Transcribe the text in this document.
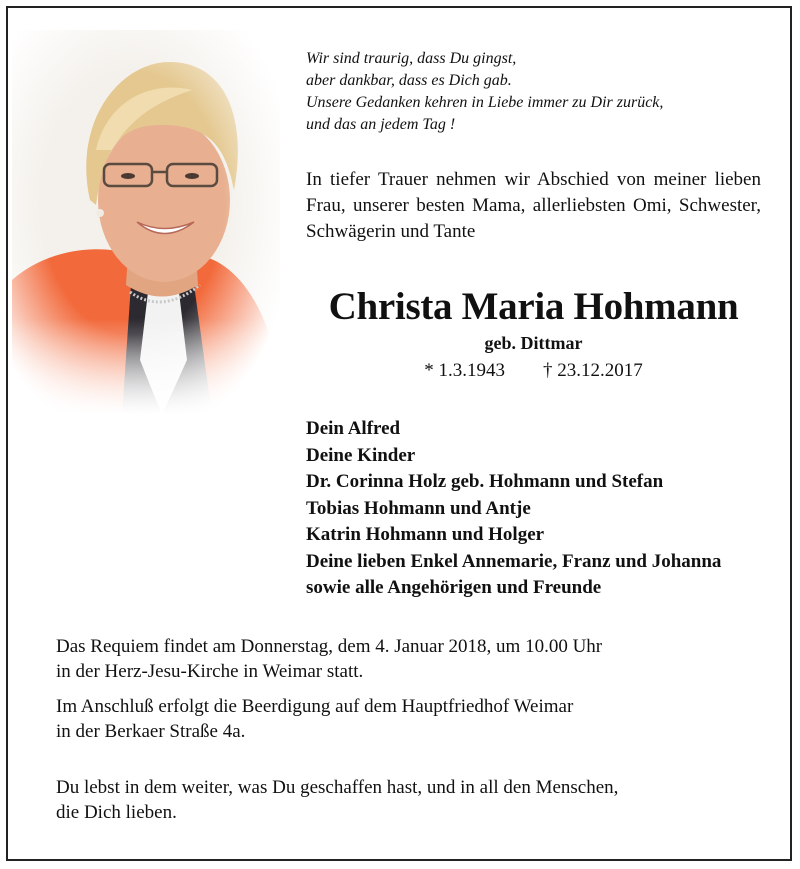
Wir sind traurig, dass Du gingst,
aber dankbar, dass es Dich gab.
Unsere Gedanken kehren in Liebe immer zu Dir zurück,
und das an jedem Tag !
In tiefer Trauer nehmen wir Abschied von meiner lieben Frau, unserer besten Mama, allerliebsten Omi, Schwester, Schwägerin und Tante
Christa Maria Hohmann
geb. Dittmar
* 1.3.1943 † 23.12.2017
Dein Alfred
Deine Kinder
Dr. Corinna Holz geb. Hohmann und Stefan
Tobias Hohmann und Antje
Katrin Hohmann und Holger
Deine lieben Enkel Annemarie, Franz und Johanna
sowie alle Angehörigen und Freunde
Das Requiem findet am Donnerstag, dem 4. Januar 2018, um 10.00 Uhr
in der Herz-Jesu-Kirche in Weimar statt.
Im Anschluß erfolgt die Beerdigung auf dem Hauptfriedhof Weimar
in der Berkaer Straße 4a.
Du lebst in dem weiter, was Du geschaffen hast, und in all den Menschen,
die Dich lieben.
